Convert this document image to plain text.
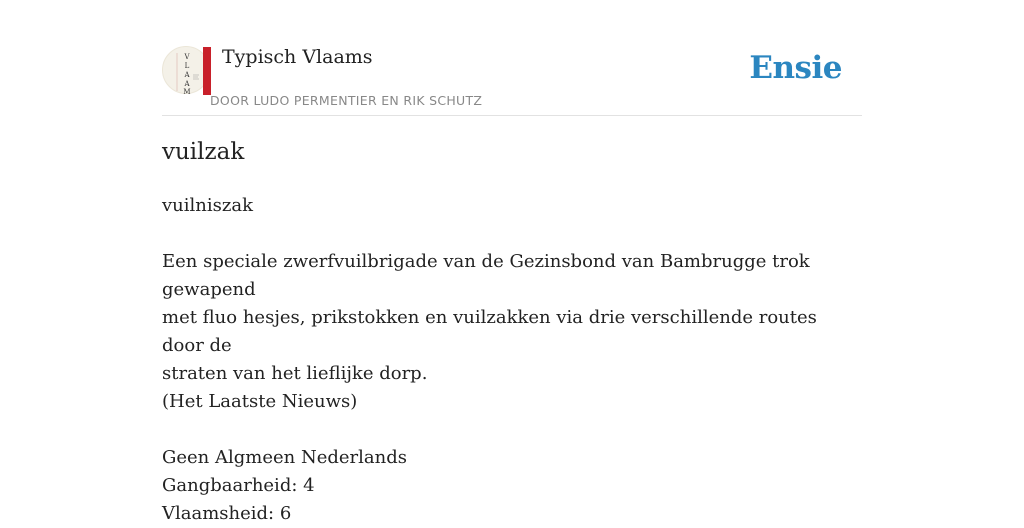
V
L
A
A
M
Typisch Vlaams
DOOR LUDO PERMENTIER EN RIK SCHUTZ
Ensie
vuilzak

vuilniszak

Een speciale zwerfvuilbrigade van de Gezinsbond van Bambrugge trok gewapend

met fluo hesjes, prikstokken en vuilzakken via drie verschillende routes door de

straten van het lieflijke dorp.

(Het Laatste Nieuws)

Geen Algmeen Nederlands

Gangbaarheid: 4

Vlaamsheid: 6
